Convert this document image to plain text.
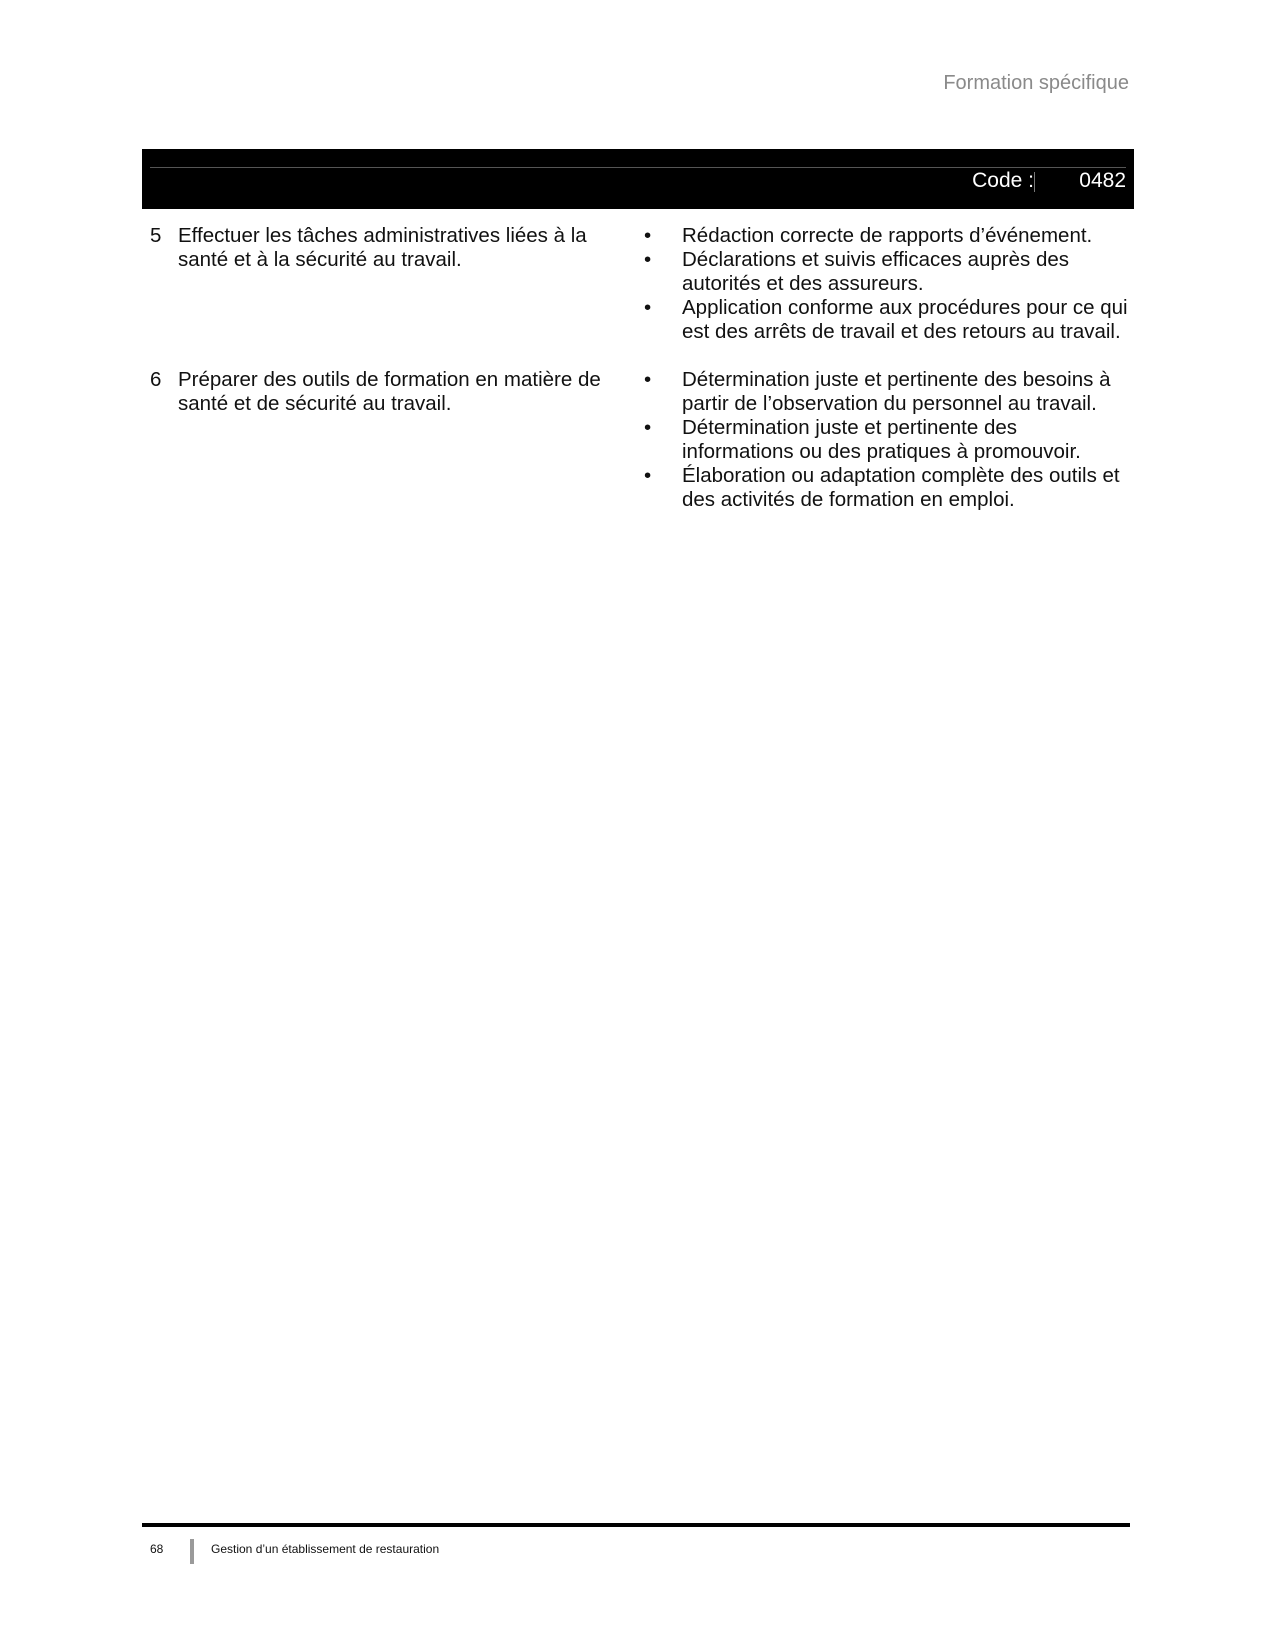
Formation spécifique
Code : 0482
5 Effectuer les tâches administratives liées à la santé et à la sécurité au travail.
•	Rédaction correcte de rapports d’événement.
•	Déclarations et suivis efficaces auprès des autorités et des assureurs.
•	Application conforme aux procédures pour ce qui est des arrêts de travail et des retours au travail.
6 Préparer des outils de formation en matière de santé et de sécurité au travail.
•	Détermination juste et pertinente des besoins à partir de l’observation du personnel au travail.
•	Détermination juste et pertinente des informations ou des pratiques à promouvoir.
•	Élaboration ou adaptation complète des outils et des activités de formation en emploi.
68	Gestion d’un établissement de restauration
